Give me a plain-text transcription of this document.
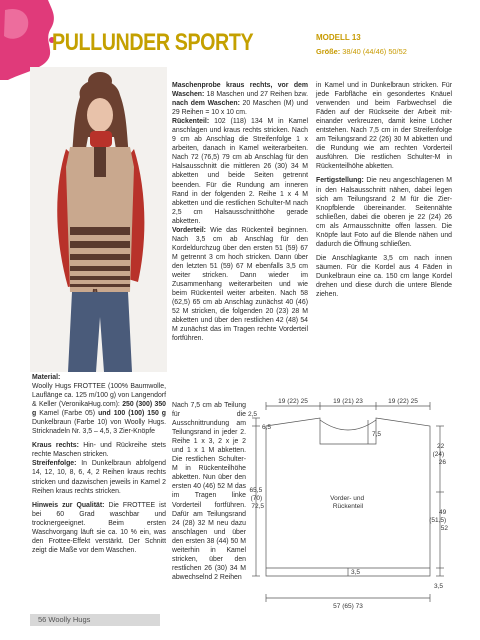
PULLUNDER SPORTY	MODELL 13
Größe: 38/40 (44/46) 50/52

Material:
Woolly Hugs FROTTEE (100% Baumwolle, Lauflänge ca. 125 m/100 g) von Langendorf & Keller (VeronikaHug.com): 250 (300) 350 g Kamel (Farbe 05) und 100 (100) 150 g Dunkelbraun (Farbe 10) von Woolly Hugs. Stricknadeln Nr. 3,5 – 4,5, 3 Zier-Knöpfe

Kraus rechts: Hin- und Rückreihe stets rechte Maschen stricken.
Streifenfolge: In Dunkelbraun abfolgend 14, 12, 10, 8, 6, 4, 2 Reihen kraus rechts stricken und dazwischen jeweils in Kamel 2 Reihen kraus rechts stricken.

Hinweis zur Qualität: Die FROTTEE ist bei 60 Grad waschbar und trocknergeeignet. Beim ersten Waschvorgang läuft sie ca. 10 % ein, was den Frottee-Effekt verstärkt. Der Schnitt zeigt die Maße vor dem Waschen.

Maschenprobe kraus rechts, vor dem Waschen: 18 Maschen und 27 Reihen bzw. nach dem Waschen: 20 Maschen (M) und 29 Reihen = 10 x 10 cm.
Rückenteil: 102 (118) 134 M in Kamel anschlagen und kraus rechts stricken. Nach 9 cm ab Anschlag die Streifenfolge 1 x arbeiten, danach in Kamel weiterarbeiten. Nach 72 (76,5) 79 cm ab Anschlag für den Halsausschnitt die mittleren 26 (30) 34 M abketten und beide Seiten getrennt beenden. Für die Rundung am inneren Rand in der folgenden 2. Reihe 1 x 4 M abketten und die restlichen Schulter-M nach 2,5 cm Halsausschnitthöhe gerade abketten.
Vorderteil: Wie das Rückenteil beginnen. Nach 3,5 cm ab Anschlag für den Kordeldurchzug über den ersten 51 (59) 67 M getrennt 3 cm hoch stricken. Dann über den letzten 51 (59) 67 M ebenfalls 3,5 cm weiter stricken. Dann wieder im Zusammenhang weiterarbeiten und wie beim Rückenteil weiter arbeiten. Nach 58 (62,5) 65 cm ab Anschlag zunächst 40 (46) 52 M stricken, die folgenden 20 (23) 28 M abketten und über den restlichen 42 (48) 54 M zunächst das im Tragen rechte Vorderteil fortführen.

Nach 7,5 cm ab Teilung für die Ausschnittrundung am Teilungsrand in jeder 2. Reihe 1 x 3, 2 x je 2 und 1 x 1 M abketten. Die restlichen Schulter-M in Rückenteilhöhe abketten. Nun über den ersten 40 (46) 52 M das im Tragen linke Vorderteil fortführen. Dafür am Teilungsrand 24 (28) 32 M neu dazu anschlagen und über den ersten 38 (44) 50 M weiterhin in Kamel stricken, über den restlichen 26 (30) 34 M abwechselnd 2 Reihen

in Kamel und in Dunkelbraun stricken. Für jede Farbfläche ein gesondertes Knäuel verwenden und beim Farbwechsel die Fäden auf der Rückseite der Arbeit mit-einander verkreuzen, damit keine Löcher entstehen. Nach 7,5 cm in der Streifenfolge am Teilungsrand 22 (26) 30 M abketten und die Rundung wie am rechten Vorderteil ausführen. Die restlichen Schulter-M in Rückenteilhöhe abketten.

Fertigstellung: Die neu angeschlagenen M in den Halsausschnitt nähen, dabei legen sich am Teilungsrand 2 M für die Zier-Knopfblende übereinander. Seitennähte schließen, dabei die oberen je 22 (24) 26 cm als Armausschnitte offen lassen. Die Knöpfe laut Foto auf die Blende nähen und dadurch die Öffnung schließen.

Die Anschlagkante 3,5 cm nach innen säumen. Für die Kordel aus 4 Fäden in Dunkelbraun eine ca. 150 cm lange Kordel drehen und diese durch die untere Blende ziehen.

19 (22) 25	19 (21) 23	19 (22) 25
2,5
6,5
7,5
22 (24) 26
65,5 (70) 72,5
49 (51,5) 52
Vorder- und Rückenteil
3,5
3,5
57 (65) 73
56 Woolly Hugs
